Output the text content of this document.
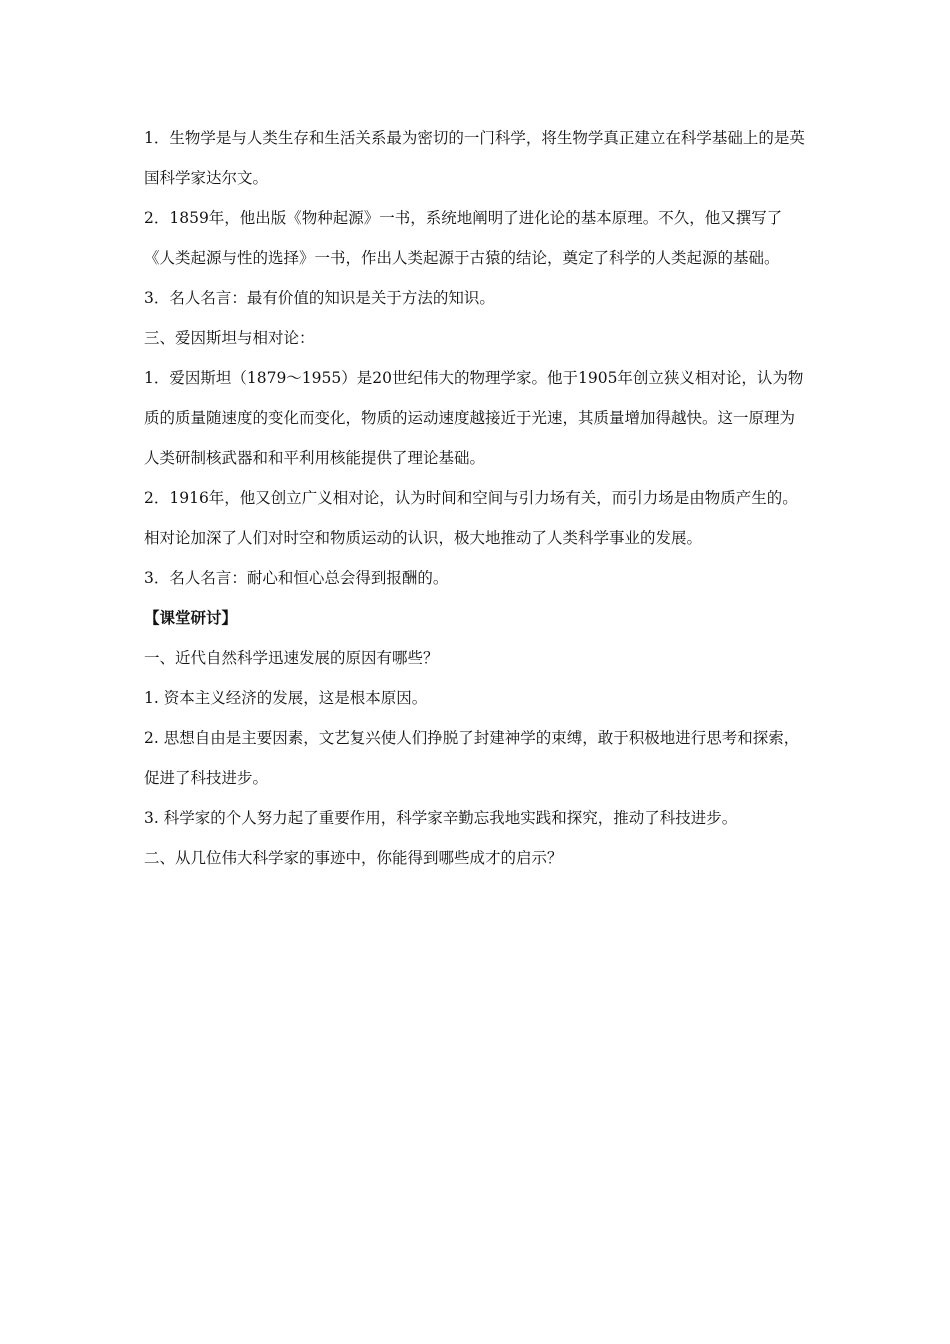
1．生物学是与人类生存和生活关系最为密切的一门科学，将生物学真正建立在科学基础上的是英国科学家达尔文。

2．1859年，他出版《物种起源》一书，系统地阐明了进化论的基本原理。不久，他又撰写了《人类起源与性的选择》一书，作出人类起源于古猿的结论，奠定了科学的人类起源的基础。

3．名人名言：最有价值的知识是关于方法的知识。

三、爱因斯坦与相对论：

1．爱因斯坦（1879～1955）是20世纪伟大的物理学家。他于1905年创立狭义相对论，认为物质的质量随速度的变化而变化，物质的运动速度越接近于光速，其质量增加得越快。这一原理为人类研制核武器和和平利用核能提供了理论基础。

2．1916年，他又创立广义相对论，认为时间和空间与引力场有关，而引力场是由物质产生的。相对论加深了人们对时空和物质运动的认识，极大地推动了人类科学事业的发展。

3．名人名言：耐心和恒心总会得到报酬的。

【课堂研讨】

一、近代自然科学迅速发展的原因有哪些？

1. 资本主义经济的发展，这是根本原因。

2. 思想自由是主要因素，文艺复兴使人们挣脱了封建神学的束缚，敢于积极地进行思考和探索，促进了科技进步。

3. 科学家的个人努力起了重要作用，科学家辛勤忘我地实践和探究，推动了科技进步。

二、从几位伟大科学家的事迹中，你能得到哪些成才的启示？
